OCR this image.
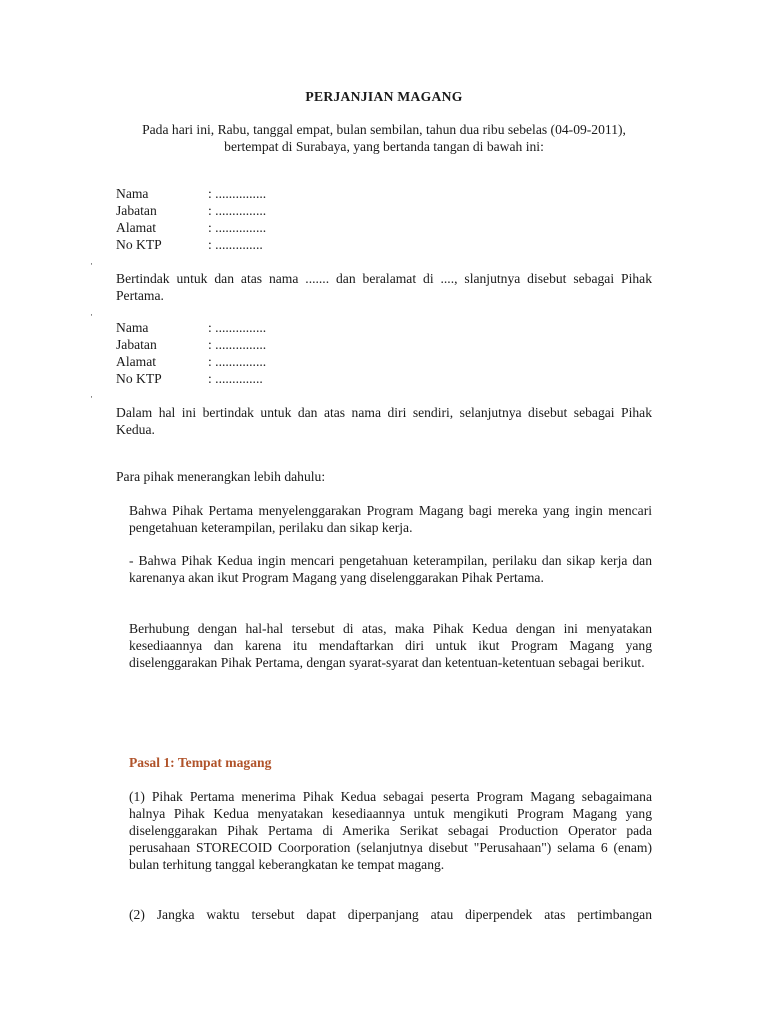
PERJANJIAN MAGANG
Pada hari ini, Rabu, tanggal empat, bulan sembilan, tahun dua ribu sebelas (04-09-2011), bertempat di Surabaya, yang bertanda tangan di bawah ini:
Nama	: ...............
Jabatan	: ...............
Alamat	: ...............
No KTP	: ..............
·
Bertindak untuk dan atas nama ....... dan beralamat di ...., slanjutnya disebut sebagai Pihak Pertama.
·
Nama	: ...............
Jabatan	: ...............
Alamat	: ...............
No KTP	: ..............
·
Dalam hal ini bertindak untuk dan atas nama diri sendiri, selanjutnya disebut sebagai Pihak Kedua.
Para pihak menerangkan lebih dahulu:
Bahwa Pihak Pertama menyelenggarakan Program Magang bagi mereka yang ingin mencari pengetahuan keterampilan, perilaku dan sikap kerja.
- Bahwa Pihak Kedua ingin mencari pengetahuan keterampilan, perilaku dan sikap kerja dan karenanya akan ikut Program Magang yang diselenggarakan Pihak Pertama.
Berhubung dengan hal-hal tersebut di atas, maka Pihak Kedua dengan ini menyatakan kesediaannya dan karena itu mendaftarkan diri untuk ikut Program Magang yang diselenggarakan Pihak Pertama, dengan syarat-syarat dan ketentuan-ketentuan sebagai berikut.
Pasal 1: Tempat magang
(1) Pihak Pertama menerima Pihak Kedua sebagai peserta Program Magang sebagaimana halnya Pihak Kedua menyatakan kesediaannya untuk mengikuti Program Magang yang diselenggarakan Pihak Pertama di Amerika Serikat sebagai Production Operator pada perusahaan STORECOID Coorporation (selanjutnya disebut "Perusahaan") selama 6 (enam) bulan terhitung tanggal keberangkatan ke tempat magang.
(2) Jangka waktu tersebut dapat diperpanjang atau diperpendek atas pertimbangan
